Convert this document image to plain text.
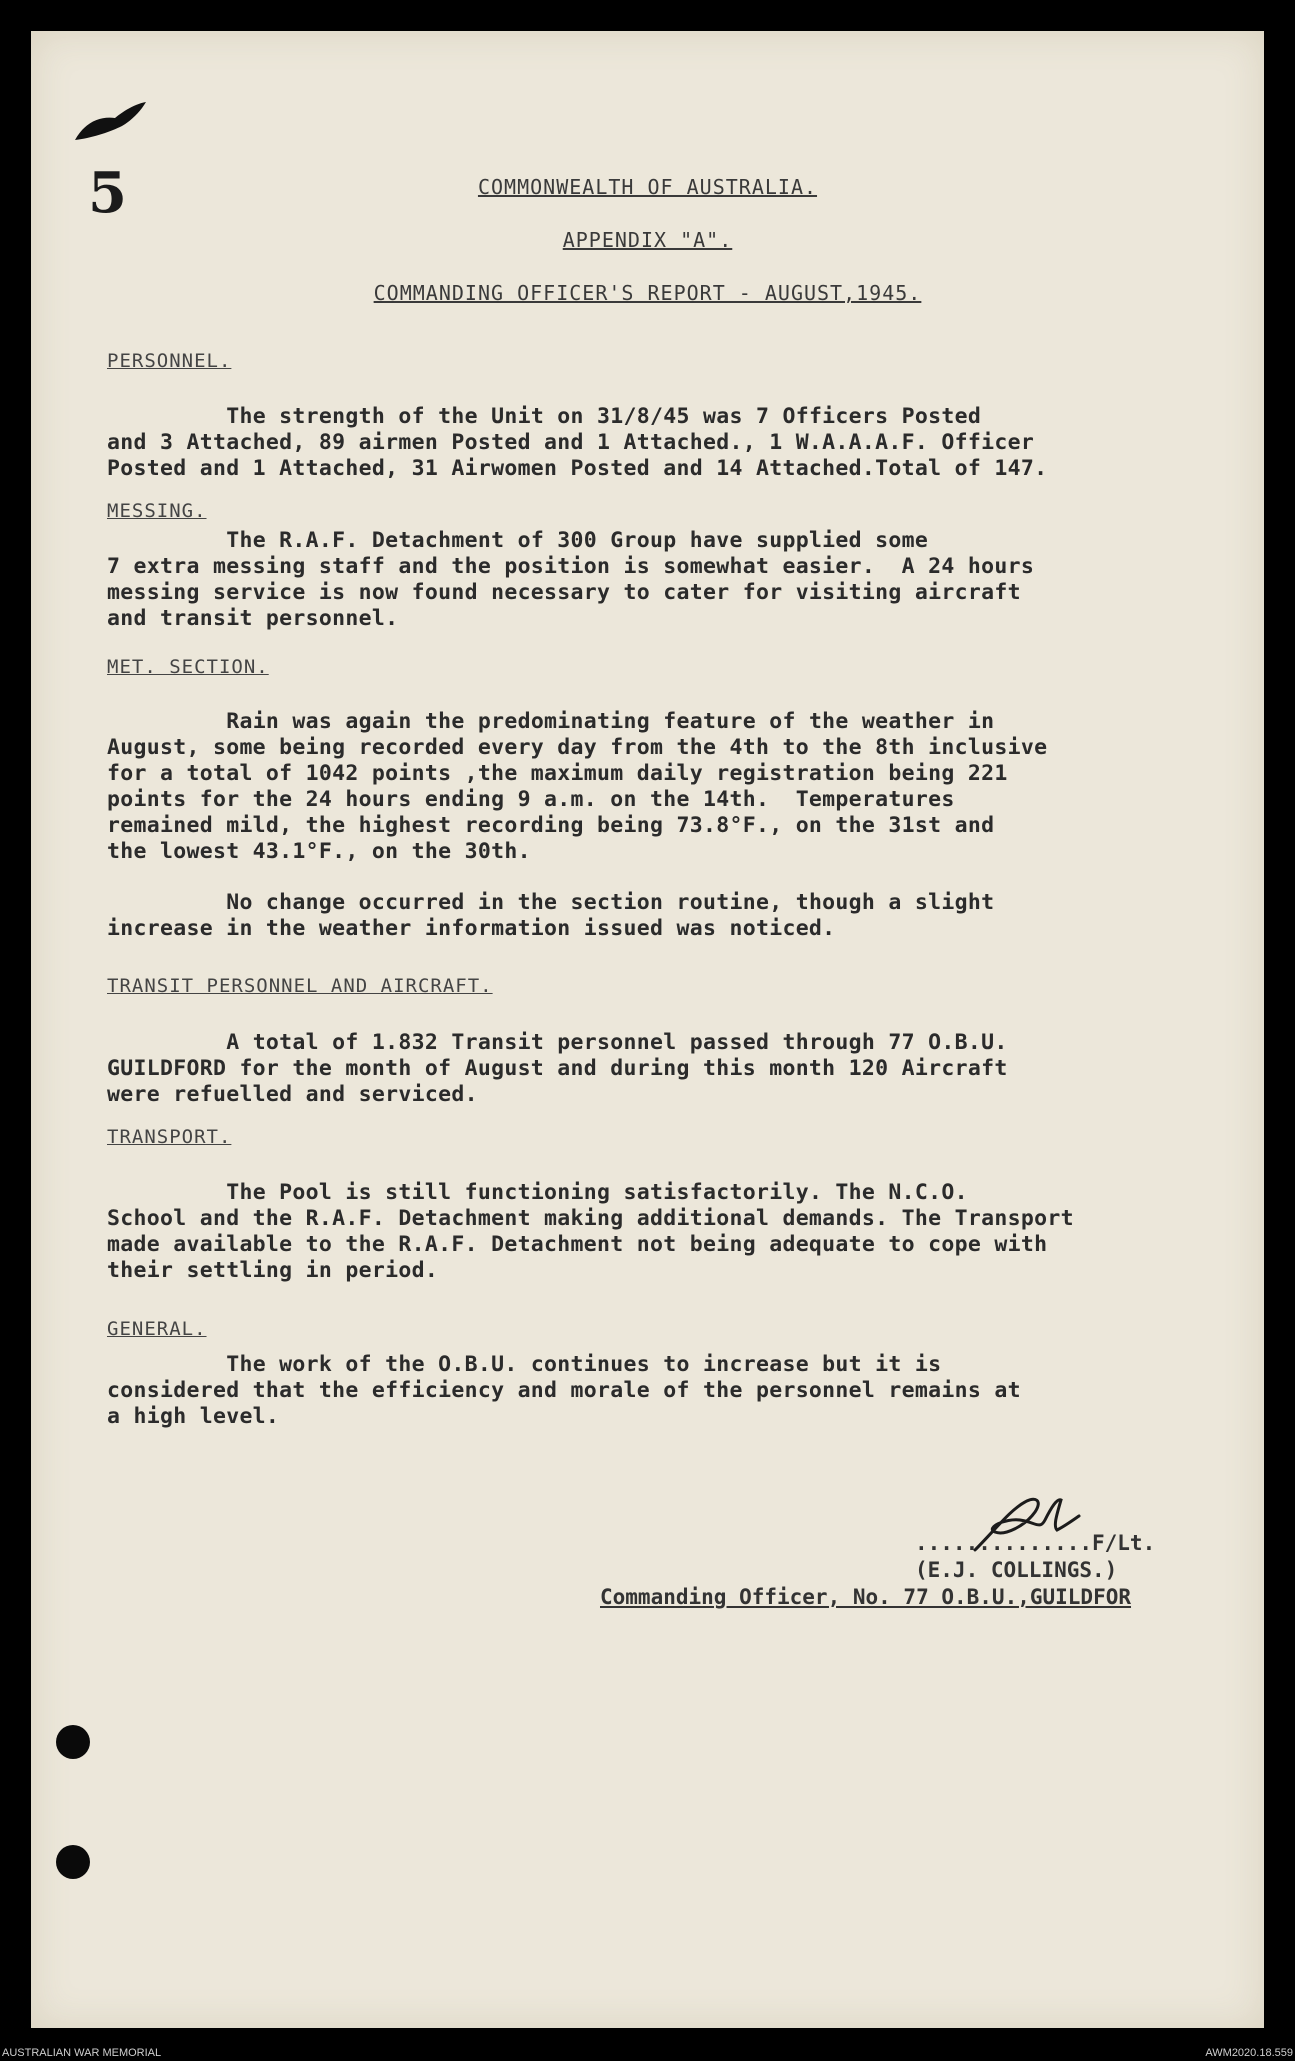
5	COMMONWEALTH OF AUSTRALIA.
APPENDIX "A".
COMMANDING OFFICER'S REPORT - AUGUST,1945.
PERSONNEL.
The strength of the Unit on 31/8/45 was 7 Officers Posted
and 3 Attached, 89 airmen Posted and 1 Attached., 1 W.A.A.A.F. Officer
Posted and 1 Attached, 31 Airwomen Posted and 14 Attached.Total of 147.
MESSING.
The R.A.F. Detachment of 300 Group have supplied some
7 extra messing staff and the position is somewhat easier.  A 24 hours
messing service is now found necessary to cater for visiting aircraft
and transit personnel.
MET. SECTION.
Rain was again the predominating feature of the weather in
August, some being recorded every day from the 4th to the 8th inclusive
for a total of 1042 points ,the maximum daily registration being 221
points for the 24 hours ending 9 a.m. on the 14th.  Temperatures
remained mild, the highest recording being 73.8°F., on the 31st and
the lowest 43.1°F., on the 30th.
No change occurred in the section routine, though a slight
increase in the weather information issued was noticed.
TRANSIT PERSONNEL AND AIRCRAFT.
A total of 1.832 Transit personnel passed through 77 O.B.U.
GUILDFORD for the month of August and during this month 120 Aircraft
were refuelled and serviced.
TRANSPORT.
The Pool is still functioning satisfactorily. The N.C.O.
School and the R.A.F. Detachment making additional demands. The Transport
made available to the R.A.F. Detachment not being adequate to cope with
their settling in period.
GENERAL.
The work of the O.B.U. continues to increase but it is
considered that the efficiency and morale of the personnel remains at
a high level.
..............F/Lt.
(E.J. COLLINGS.)
Commanding Officer, No. 77 O.B.U.,GUILDFOR
AUSTRALIAN WAR MEMORIAL	AWM2020.18.559
